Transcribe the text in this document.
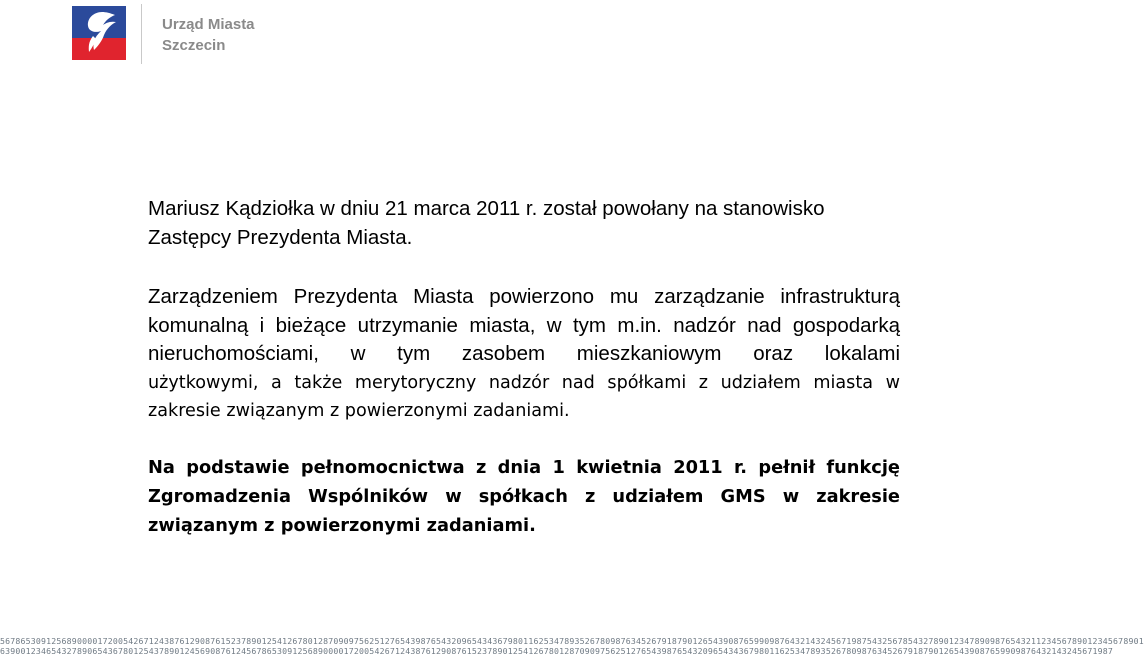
Urząd Miasta
Szczecin

Mariusz Kądziołka w dniu 21 marca 2011 r. został powołany na stanowisko Zastępcy Prezydenta Miasta.

Zarządzeniem Prezydenta Miasta powierzono mu zarządzanie infrastrukturą
komunalną i bieżące utrzymanie miasta, w tym m.in. nadzór nad gospodarką
nieruchomościami, w tym zasobem mieszkaniowym oraz lokalami
użytkowymi, a także merytoryczny nadzór nad spółkami z udziałem miasta w
zakresie związanym z powierzonymi zadaniami.
Na podstawie pełnomocnictwa z dnia 1 kwietnia 2011 r. pełnił funkcję
Zgromadzenia Wspólników w spółkach z udziałem GMS w zakresie
związanym z powierzonymi zadaniami.
5678653091256890000172005426712438761290876152378901254126780128709097562512765439876543209654343679801162534789352678098763452679187901265439087659909876432143245671987543256785432789012347890987654321123456789012345678901
6390012346543278906543678012543789012456908761245678653091256890000172005426712438761290876152378901254126780128709097562512765439876543209654343679801162534789352678098763452679187901265439087659909876432143245671987
